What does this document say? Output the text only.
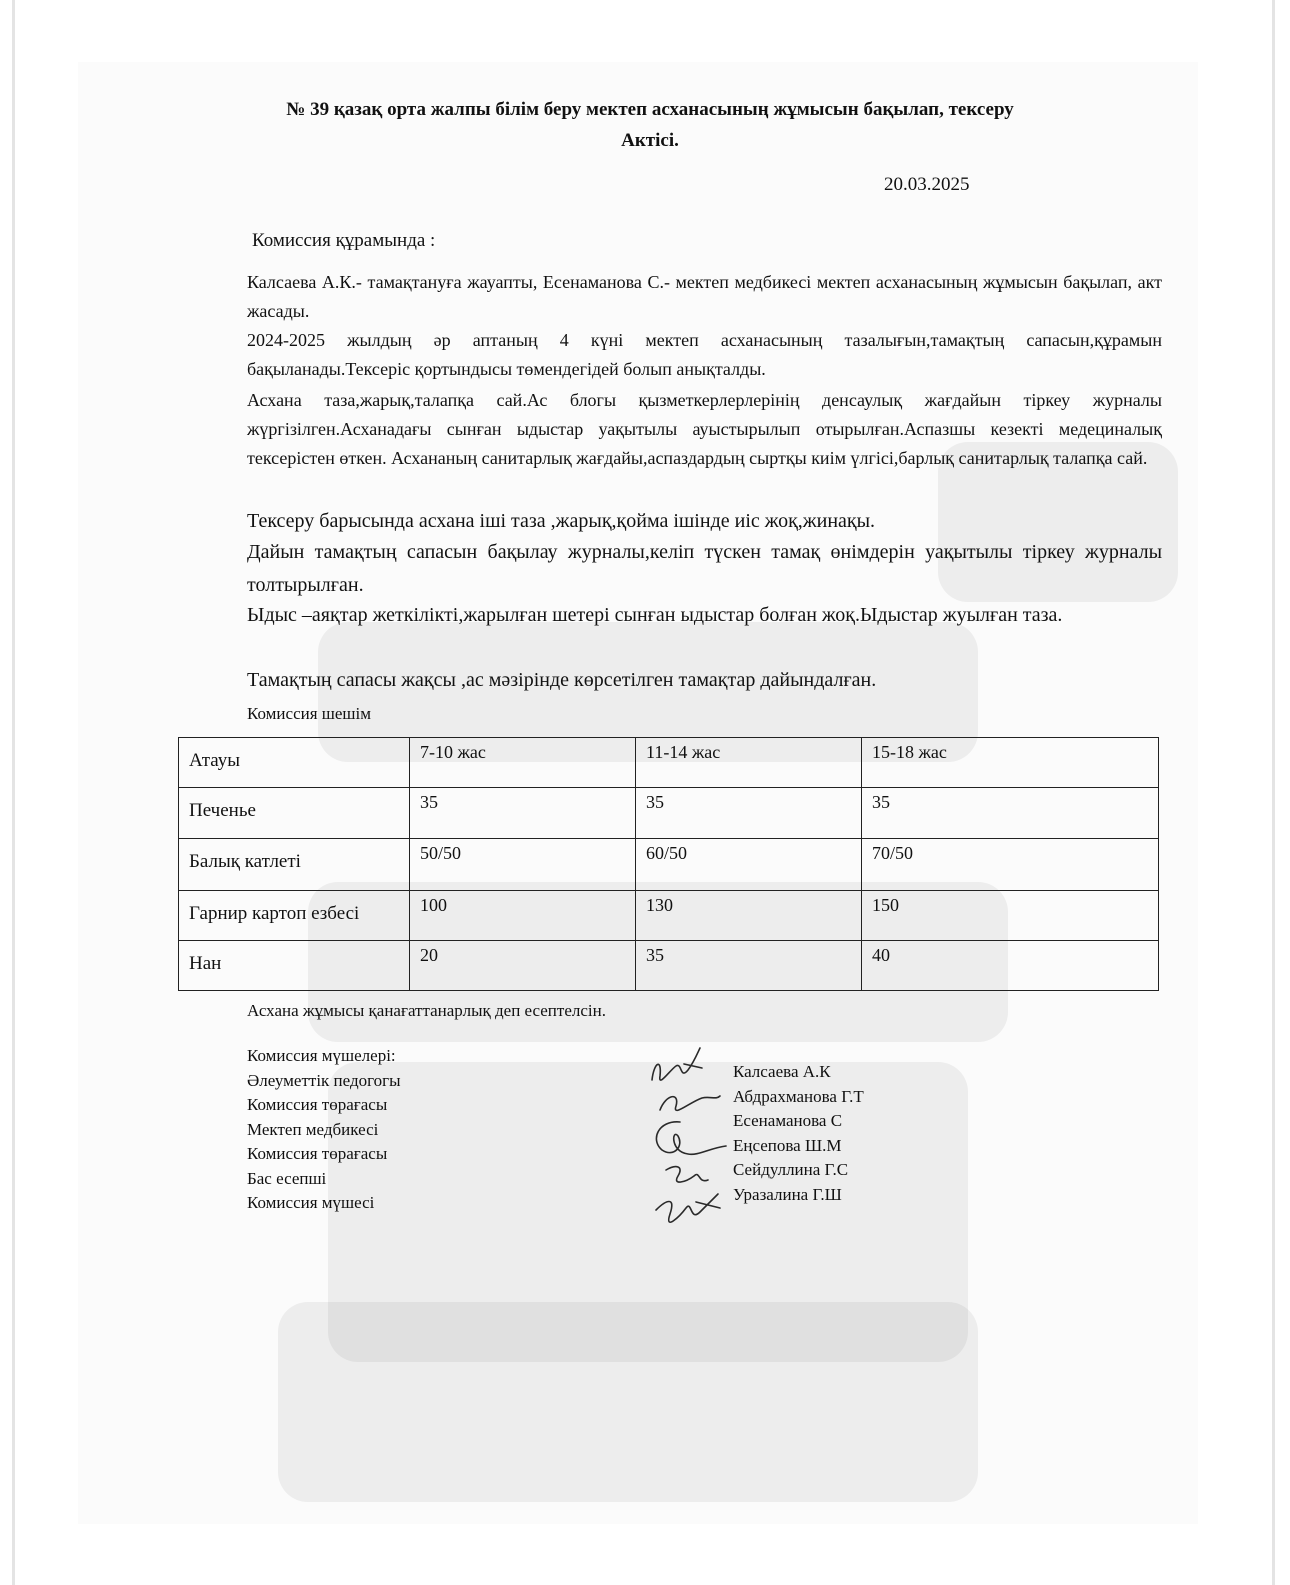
№ 39 қазақ орта жалпы білім беру мектеп асханасының жұмысын бақылап, тексеру
Актісі.
20.03.2025
Комиссия құрамында :
Калсаева А.К.- тамақтануға жауапты, Есенаманова С.- мектеп медбикесі мектеп асханасының жұмысын бақылап, акт жасады.
2024-2025 жылдың әр аптаның 4 күні мектеп асханасының тазалығын,тамақтың сапасын,құрамын бақыланады.Тексеріс қортындысы төмендегідей болып анықталды.
Асхана таза,жарық,талапқа сай.Ас блогы қызметкерлерлерінің денсаулық жағдайын тіркеу журналы жүргізілген.Асханадағы сынған ыдыстар уақытылы ауыстырылып отырылған.Аспазшы кезекті медециналық тексерістен өткен. Асхананың санитарлық жағдайы,аспаздардың сыртқы киім үлгісі,барлық санитарлық талапқа сай.
Тексеру барысында асхана іші таза ,жарық,қойма ішінде иіс жоқ,жинақы.
Дайын тамақтың сапасын бақылау журналы,келіп түскен тамақ өнімдерін уақытылы тіркеу журналы толтырылған.
Ыдыс –аяқтар жеткілікті,жарылған шетері сынған ыдыстар болған жоқ.Ыдыстар жуылған таза.
Тамақтың сапасы жақсы ,ас мәзірінде көрсетілген тамақтар дайындалған.
Комиссия шешім
Атауы	7-10 жас	11-14 жас	15-18 жас
Печенье	35	35	35
Балық катлеті	50/50	60/50	70/50
Гарнир картоп езбесі	100	130	150
Нан	20	35	40
Асхана жұмысы қанағаттанарлық деп есептелсін.
Комиссия мүшелері:
Әлеуметтік педогогы
Комиссия төрағасы
Мектеп медбикесі
Комиссия төрағасы
Бас есепші
Комиссия мүшесі
Калсаева А.К
Абдрахманова Г.Т
Есенаманова С
Еңсепова Ш.М
Сейдуллина Г.С
Уразалина Г.Ш
